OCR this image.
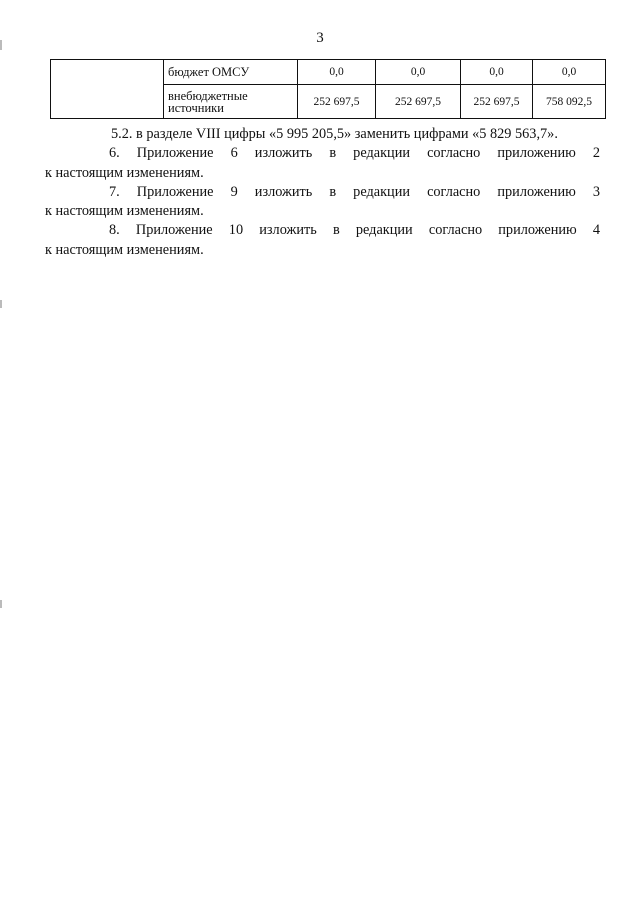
3
	бюджет ОМСУ	0,0	0,0	0,0	0,0
	внебюджетные источники	252 697,5	252 697,5	252 697,5	758 092,5

5.2. в разделе VIII цифры «5 995 205,5» заменить цифрами «5 829 563,7».

6. Приложение 6 изложить в редакции согласно приложению 2
к настоящим изменениям.

7. Приложение 9 изложить в редакции согласно приложению 3
к настоящим изменениям.

8. Приложение 10 изложить в редакции согласно приложению 4
к настоящим изменениям.
